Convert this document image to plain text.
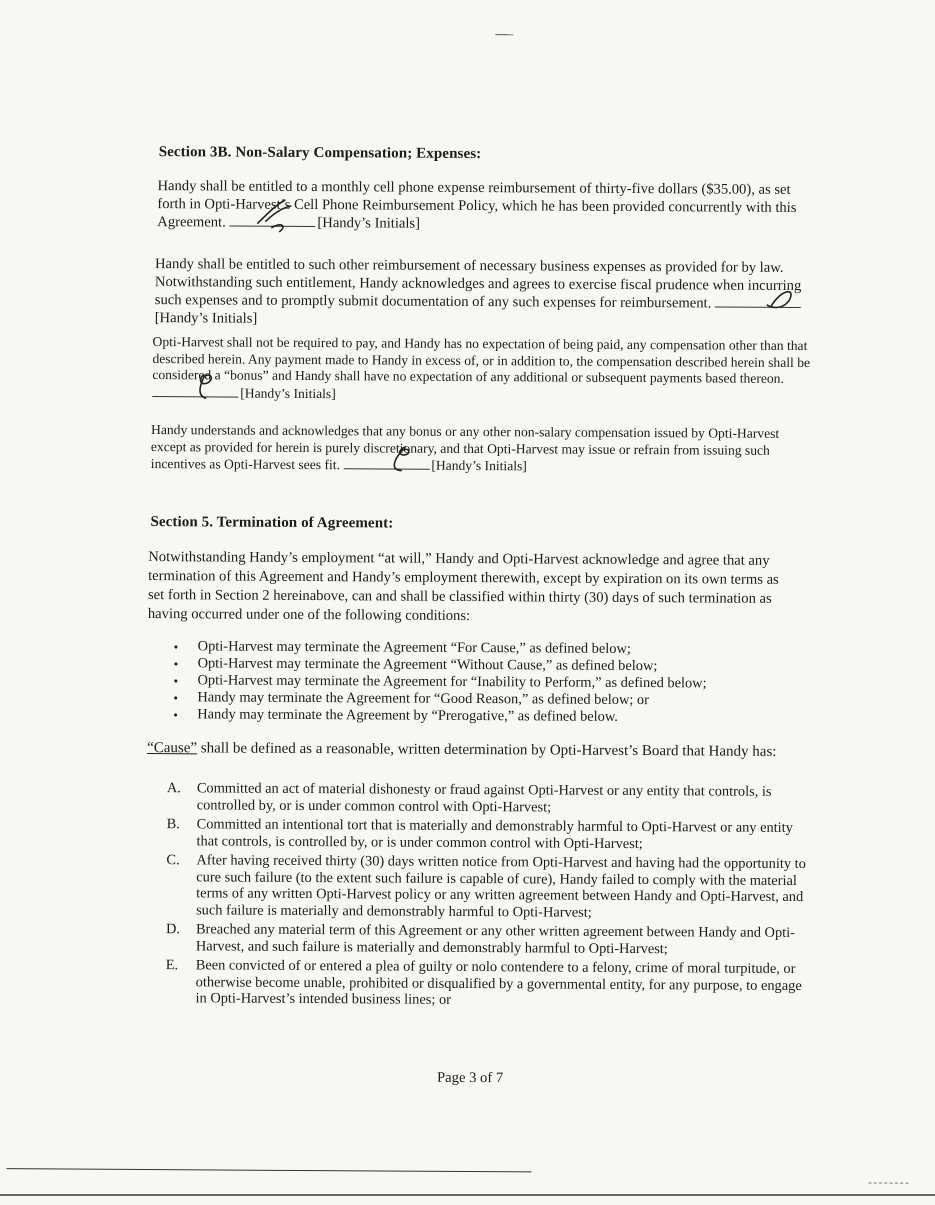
Section 3B. Non-Salary Compensation; Expenses:
Handy shall be entitled to a monthly cell phone expense reimbursement of thirty-five dollars ($35.00), as set forth in Opti-Harvest’s Cell Phone Reimbursement Policy, which he has been provided concurrently with this Agreement.	[Handy’s Initials]
Handy shall be entitled to such other reimbursement of necessary business expenses as provided for by law. Notwithstanding such entitlement, Handy acknowledges and agrees to exercise fiscal prudence when incurring such expenses and to promptly submit documentation of any such expenses for reimbursement.
[Handy’s Initials]
Opti-Harvest shall not be required to pay, and Handy has no expectation of being paid, any compensation other than that described herein. Any payment made to Handy in excess of, or in addition to, the compensation described herein shall be considered a “bonus” and Handy shall have no expectation of any additional or subsequent payments based thereon.
[Handy’s Initials]
Handy understands and acknowledges that any bonus or any other non-salary compensation issued by Opti-Harvest except as provided for herein is purely discretionary, and that Opti-Harvest may issue or refrain from issuing such incentives as Opti-Harvest sees fit.	[Handy’s Initials]
Section 5. Termination of Agreement:
Notwithstanding Handy’s employment “at will,” Handy and Opti-Harvest acknowledge and agree that any termination of this Agreement and Handy’s employment therewith, except by expiration on its own terms as set forth in Section 2 hereinabove, can and shall be classified within thirty (30) days of such termination as having occurred under one of the following conditions:
• Opti-Harvest may terminate the Agreement “For Cause,” as defined below;
• Opti-Harvest may terminate the Agreement “Without Cause,” as defined below;
• Opti-Harvest may terminate the Agreement for “Inability to Perform,” as defined below;
• Handy may terminate the Agreement for “Good Reason,” as defined below; or
• Handy may terminate the Agreement by “Prerogative,” as defined below.
“Cause” shall be defined as a reasonable, written determination by Opti-Harvest’s Board that Handy has:
A. Committed an act of material dishonesty or fraud against Opti-Harvest or any entity that controls, is controlled by, or is under common control with Opti-Harvest;
B. Committed an intentional tort that is materially and demonstrably harmful to Opti-Harvest or any entity that controls, is controlled by, or is under common control with Opti-Harvest;
C. After having received thirty (30) days written notice from Opti-Harvest and having had the opportunity to cure such failure (to the extent such failure is capable of cure), Handy failed to comply with the material terms of any written Opti-Harvest policy or any written agreement between Handy and Opti-Harvest, and such failure is materially and demonstrably harmful to Opti-Harvest;
D. Breached any material term of this Agreement or any other written agreement between Handy and Opti-Harvest, and such failure is materially and demonstrably harmful to Opti-Harvest;
E. Been convicted of or entered a plea of guilty or nolo contendere to a felony, crime of moral turpitude, or otherwise become unable, prohibited or disqualified by a governmental entity, for any purpose, to engage in Opti-Harvest’s intended business lines; or
Page 3 of 7
